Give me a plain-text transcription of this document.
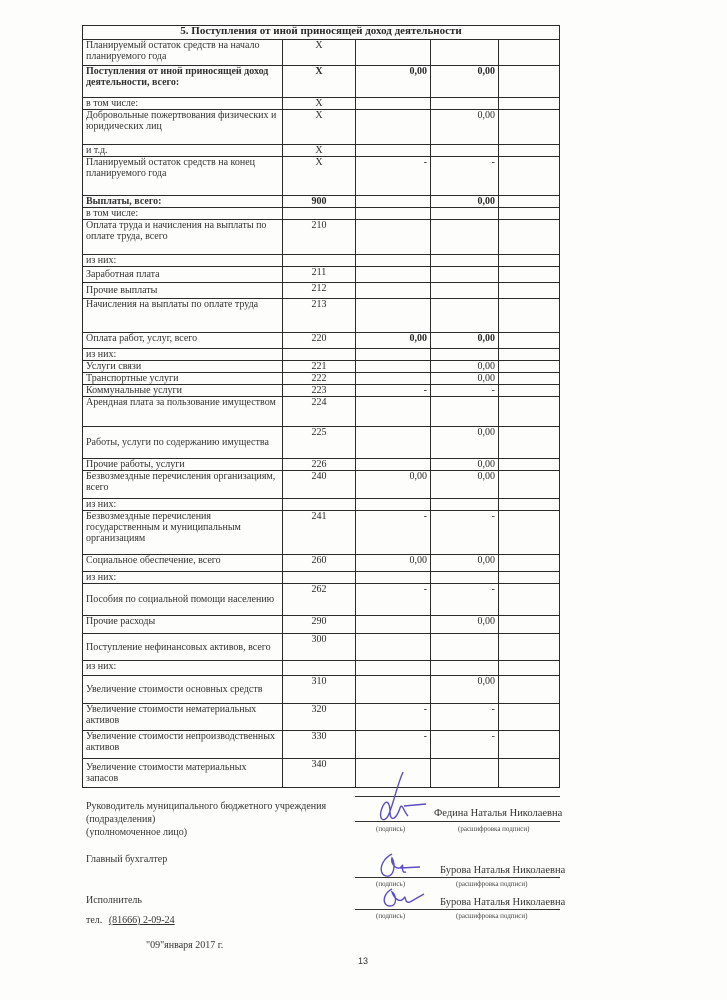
5. Поступления от иной приносящей доход деятельности				
Планируемый остаток средств на начало планируемого года	X			
Поступления от иной приносящей доход деятельности, всего:	X	0,00	0,00	
в том числе:	X			
Добровольные пожертвования физических и юридических лиц	X		0,00	
и т.д.	X			
Планируемый остаток средств на конец планируемого года	X	-	-	
Выплаты, всего:	900		0,00	
в том числе:				
Оплата труда и начисления на выплаты по оплате труда, всего	210			
из них:				
Заработная плата	211			
Прочие выплаты	212			
Начисления на выплаты по оплате труда	213			
Оплата работ, услуг, всего	220	0,00	0,00	
из них:				
Услуги связи	221		0,00	
Транспортные услуги	222		0,00	
Коммунальные услуги	223	-	-	
Арендная плата за пользование имуществом	224			
Работы, услуги по содержанию имущества	225		0,00	
Прочие работы, услуги	226		0,00	
Безвозмездные перечисления организациям, всего	240	0,00	0,00	
из них:				
Безвозмездные перечисления государственным и муниципальным организациям	241	-	-	
Социальное обеспечение, всего	260	0,00	0,00	
из них:				
Пособия по социальной помощи населению	262	-	-	
Прочие расходы	290		0,00	
Поступление нефинансовых активов, всего	300			
из них:				
Увеличение стоимости основных средств	310		0,00	
Увеличение стоимости нематериальных активов	320	-	-	
Увеличение стоимости непроизводственных активов	330	-	-	
Увеличение стоимости материальных запасов	340			
Руководитель муниципального бюджетного учреждения
(подразделения)
(уполномоченное лицо)
Федина Наталья Николаевна
(подпись)	(расшифровка подписи)
Главный бухгалтер
Бурова Наталья Николаевна
(подпись)	(расшифровка подписи)
Исполнитель	Бурова Наталья Николаевна
(подпись)	(расшифровка подписи)
тел. (81666) 2-09-24
"09"января 2017 г.
13
